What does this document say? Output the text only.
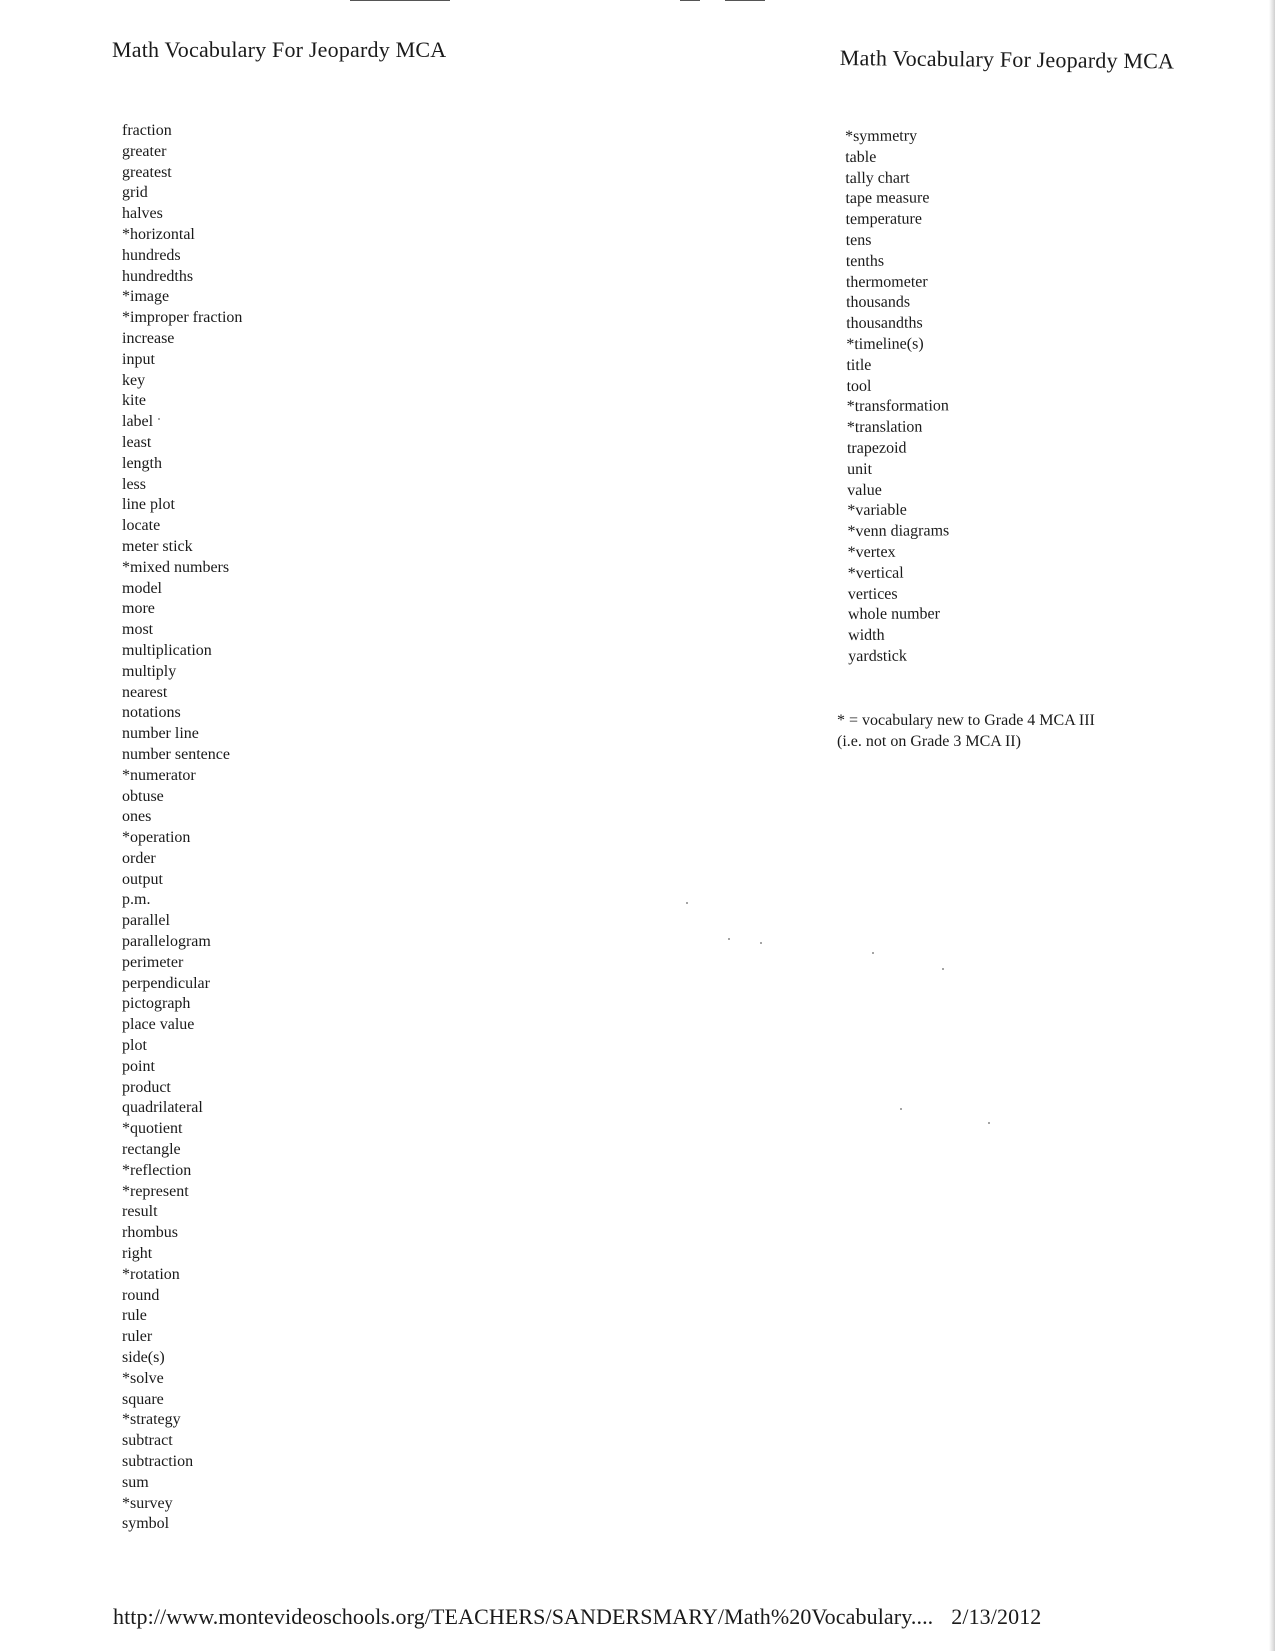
Math Vocabulary For Jeopardy MCA	Math Vocabulary For Jeopardy MCA
fraction
greater
greatest
grid
halves
*horizontal
hundreds
hundredths
*image
*improper fraction
increase
input
key
kite
label
least
length
less
line plot
locate
meter stick
*mixed numbers
model
more
most
multiplication
multiply
nearest
notations
number line
number sentence
*numerator
obtuse
ones
*operation
order
output
p.m.
parallel
parallelogram
perimeter
perpendicular
pictograph
place value
plot
point
product
quadrilateral
*quotient
rectangle
*reflection
*represent
result
rhombus
right
*rotation
round
rule
ruler
side(s)
*solve
square
*strategy
subtract
subtraction
sum
*survey
symbol
*symmetry
table
tally chart
tape measure
temperature
tens
tenths
thermometer
thousands
thousandths
*timeline(s)
title
tool
*transformation
*translation
trapezoid
unit
value
*variable
*venn diagrams
*vertex
*vertical
vertices
whole number
width
yardstick
* = vocabulary new to Grade 4 MCA III
(i.e. not on Grade 3 MCA II)
http://www.montevideoschools.org/TEACHERS/SANDERSMARY/Math%20Vocabulary.... 2/13/2012
